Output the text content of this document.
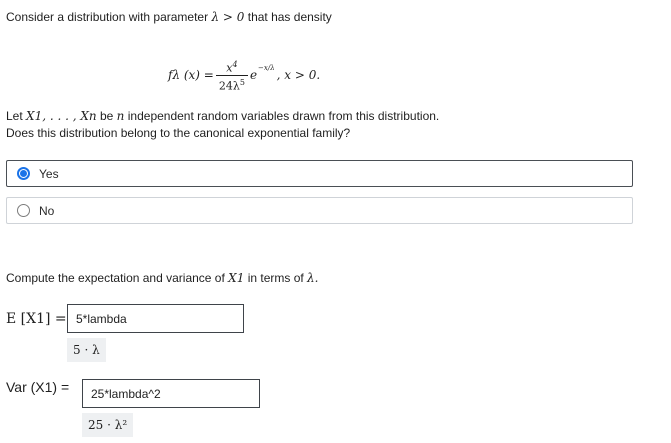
Consider a distribution with parameter λ > 0 that has density
fλ $(x) = \frac{x^4}{24\lambda^5}$ e −x/λ , x > 0.
Let X1, . . . , Xn be n independent random variables drawn from this distribution.
Does this distribution belong to the canonical exponential family?
Yes
No
Compute the expectation and variance of X1 in terms of λ.
E [X1] = 5*lambda
5 · λ
Var (X1) =	25*lambda^2
25 · λ²
